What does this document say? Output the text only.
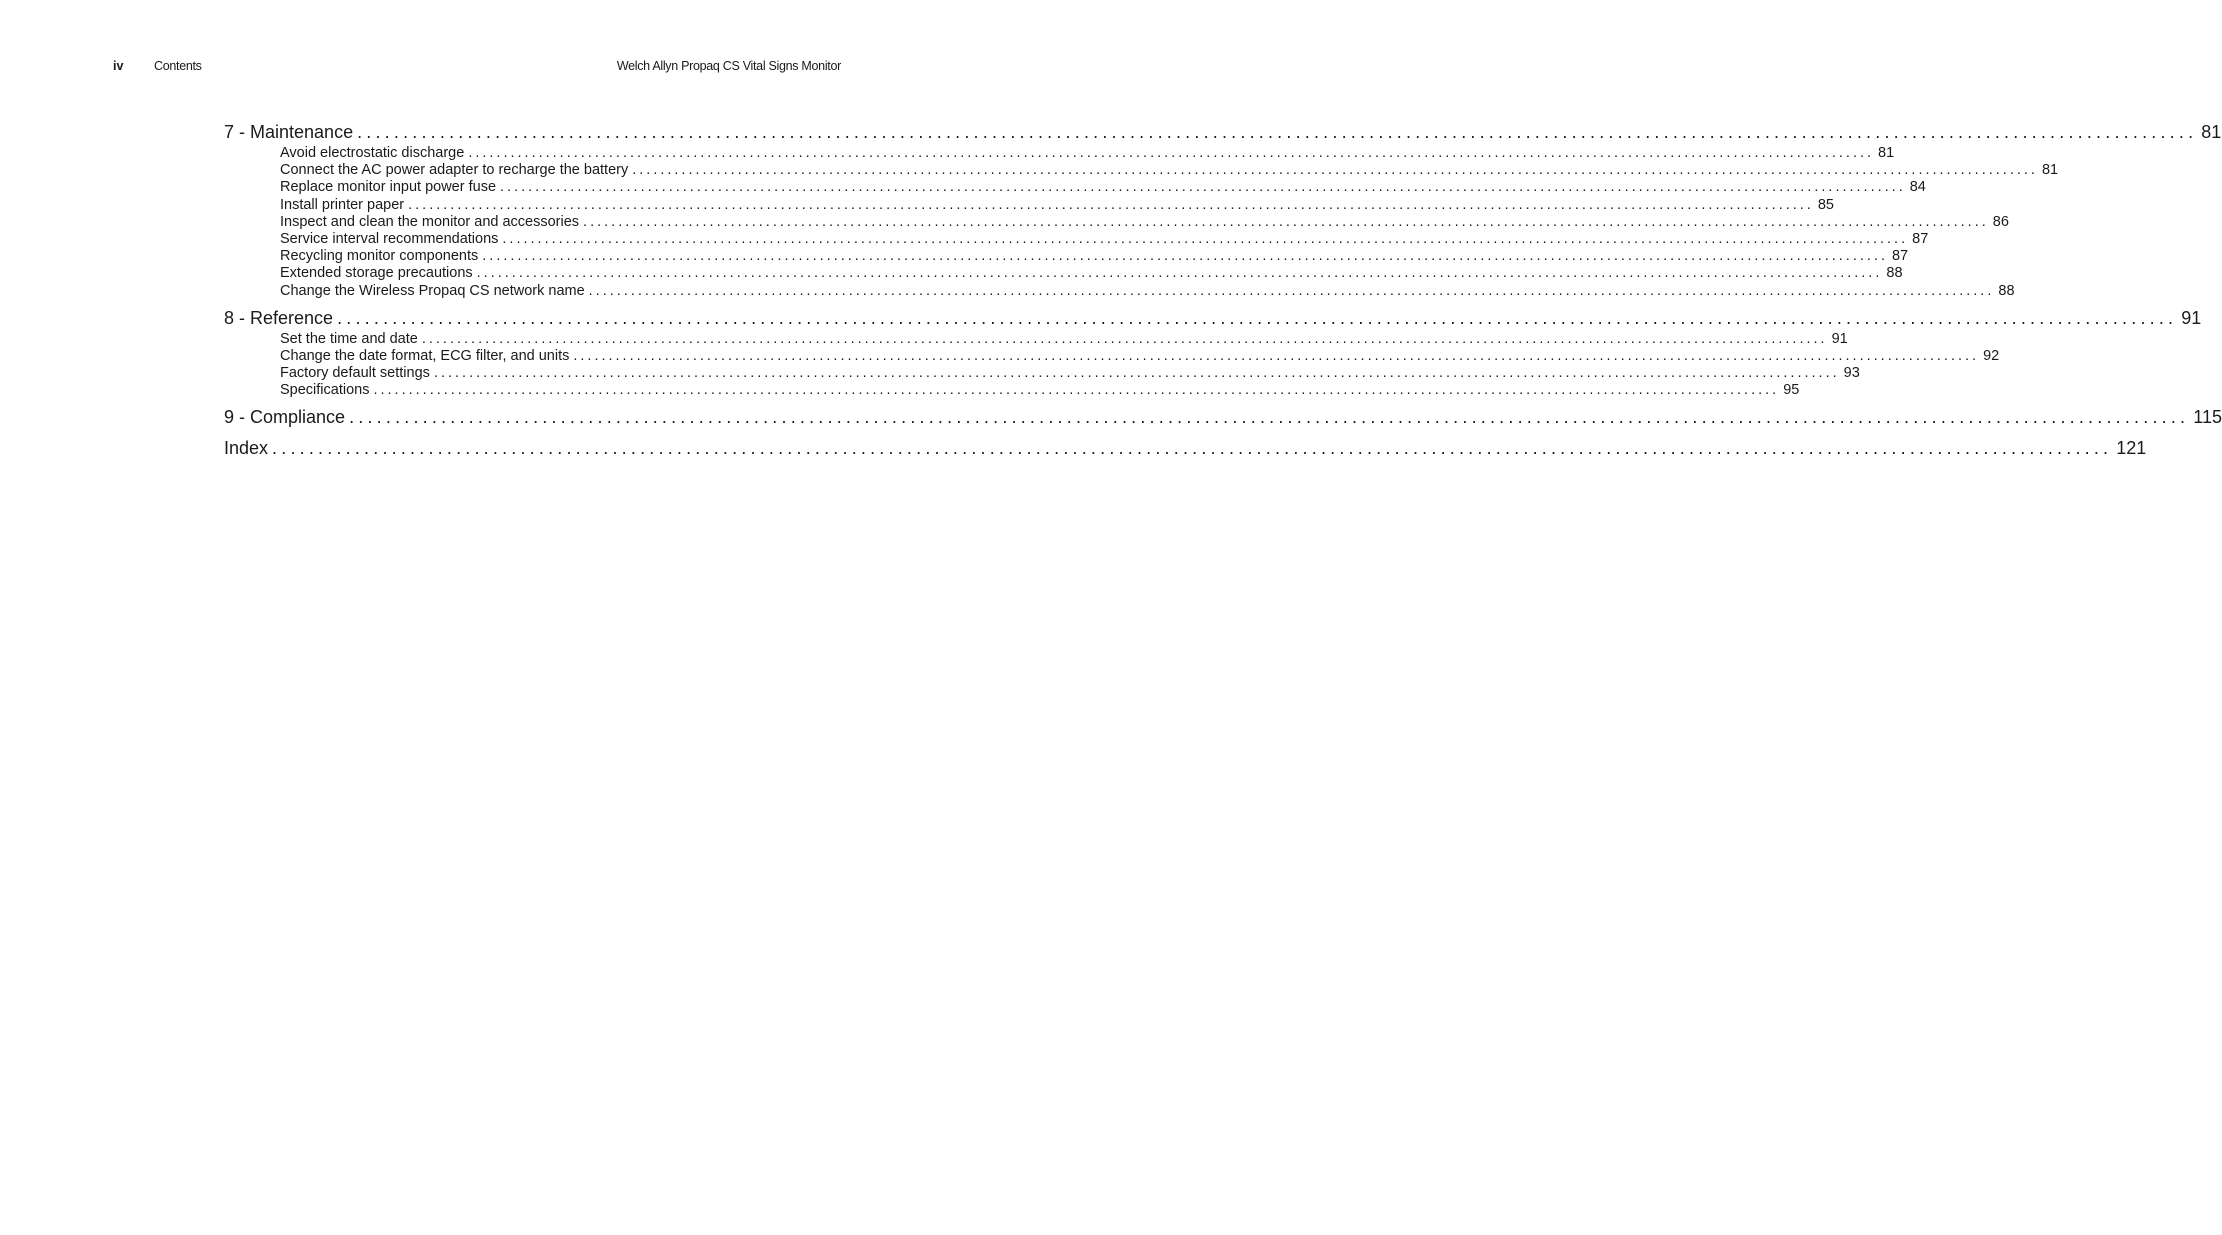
iv Contents	Welch Allyn Propaq CS Vital Signs Monitor
7 - Maintenance ........................................................................................................................................................................................................ 81
Avoid electrostatic discharge ........................................................................................................................................................................................................ 81
Connect the AC power adapter to recharge the battery ........................................................................................................................................................................................................ 81
Replace monitor input power fuse ........................................................................................................................................................................................................ 84
Install printer paper ........................................................................................................................................................................................................ 85
Inspect and clean the monitor and accessories ........................................................................................................................................................................................................ 86
Service interval recommendations ........................................................................................................................................................................................................ 87
Recycling monitor components ........................................................................................................................................................................................................ 87
Extended storage precautions ........................................................................................................................................................................................................ 88
Change the Wireless Propaq CS network name ........................................................................................................................................................................................................ 88
8 - Reference ........................................................................................................................................................................................................ 91
Set the time and date ........................................................................................................................................................................................................ 91
Change the date format, ECG filter, and units ........................................................................................................................................................................................................ 92
Factory default settings ........................................................................................................................................................................................................ 93
Specifications ........................................................................................................................................................................................................ 95
9 - Compliance ........................................................................................................................................................................................................ 115
Index ........................................................................................................................................................................................................ 121
